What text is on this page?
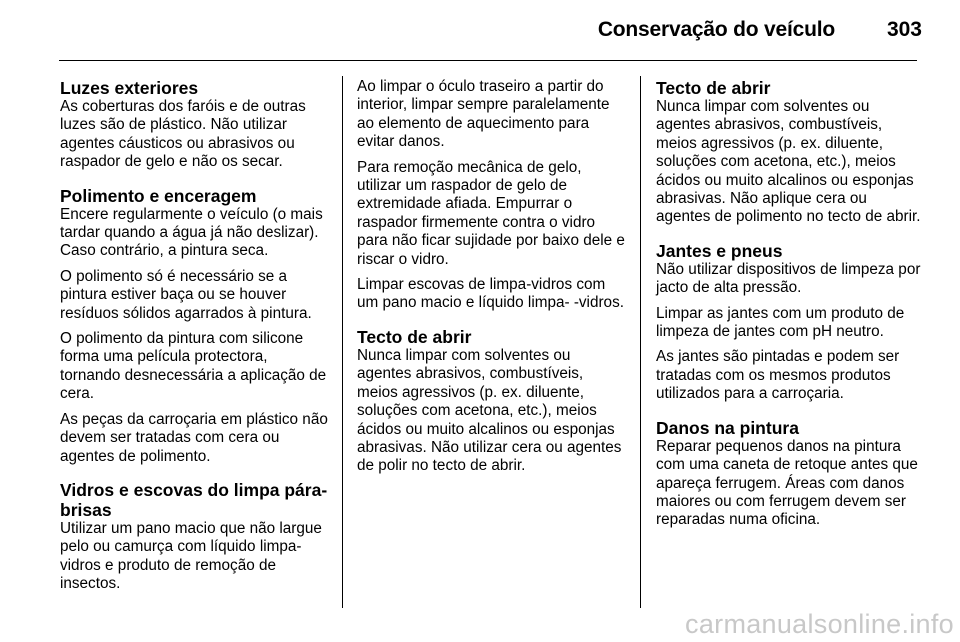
Conservação do veículo 303
Luzes exteriores

As coberturas dos faróis e de outras luzes são de plástico. Não utilizar agentes cáusticos ou abrasivos ou raspador de gelo e não os secar.

Polimento e enceragem

Encere regularmente o veículo (o mais tardar quando a água já não deslizar). Caso contrário, a pintura seca.

O polimento só é necessário se a pintura estiver baça ou se houver resíduos sólidos agarrados à pintura.

O polimento da pintura com silicone forma uma película protectora, tornando desnecessária a aplicação de cera.

As peças da carroçaria em plástico não devem ser tratadas com cera ou agentes de polimento.

Vidros e escovas do limpa pára-brisas

Utilizar um pano macio que não largue pelo ou camurça com líquido limpa-vidros e produto de remoção de insectos.

Ao limpar o óculo traseiro a partir do interior, limpar sempre paralelamente ao elemento de aquecimento para evitar danos.

Para remoção mecânica de gelo, utilizar um raspador de gelo de extremidade afiada. Empurrar o raspador firmemente contra o vidro para não ficar sujidade por baixo dele e riscar o vidro.

Limpar escovas de limpa-vidros com um pano macio e líquido limpa- -vidros.

Tecto de abrir

Nunca limpar com solventes ou agentes abrasivos, combustíveis, meios agressivos (p. ex. diluente, soluções com acetona, etc.), meios ácidos ou muito alcalinos ou esponjas abrasivas. Não utilizar cera ou agentes de polir no tecto de abrir.

Tecto de abrir

Nunca limpar com solventes ou agentes abrasivos, combustíveis, meios agressivos (p. ex. diluente, soluções com acetona, etc.), meios ácidos ou muito alcalinos ou esponjas abrasivas. Não aplique cera ou agentes de polimento no tecto de abrir.

Jantes e pneus

Não utilizar dispositivos de limpeza por jacto de alta pressão.

Limpar as jantes com um produto de limpeza de jantes com pH neutro.

As jantes são pintadas e podem ser tratadas com os mesmos produtos utilizados para a carroçaria.

Danos na pintura

Reparar pequenos danos na pintura com uma caneta de retoque antes que apareça ferrugem. Áreas com danos maiores ou com ferrugem devem ser reparadas numa oficina.

carmanualsonline.info
